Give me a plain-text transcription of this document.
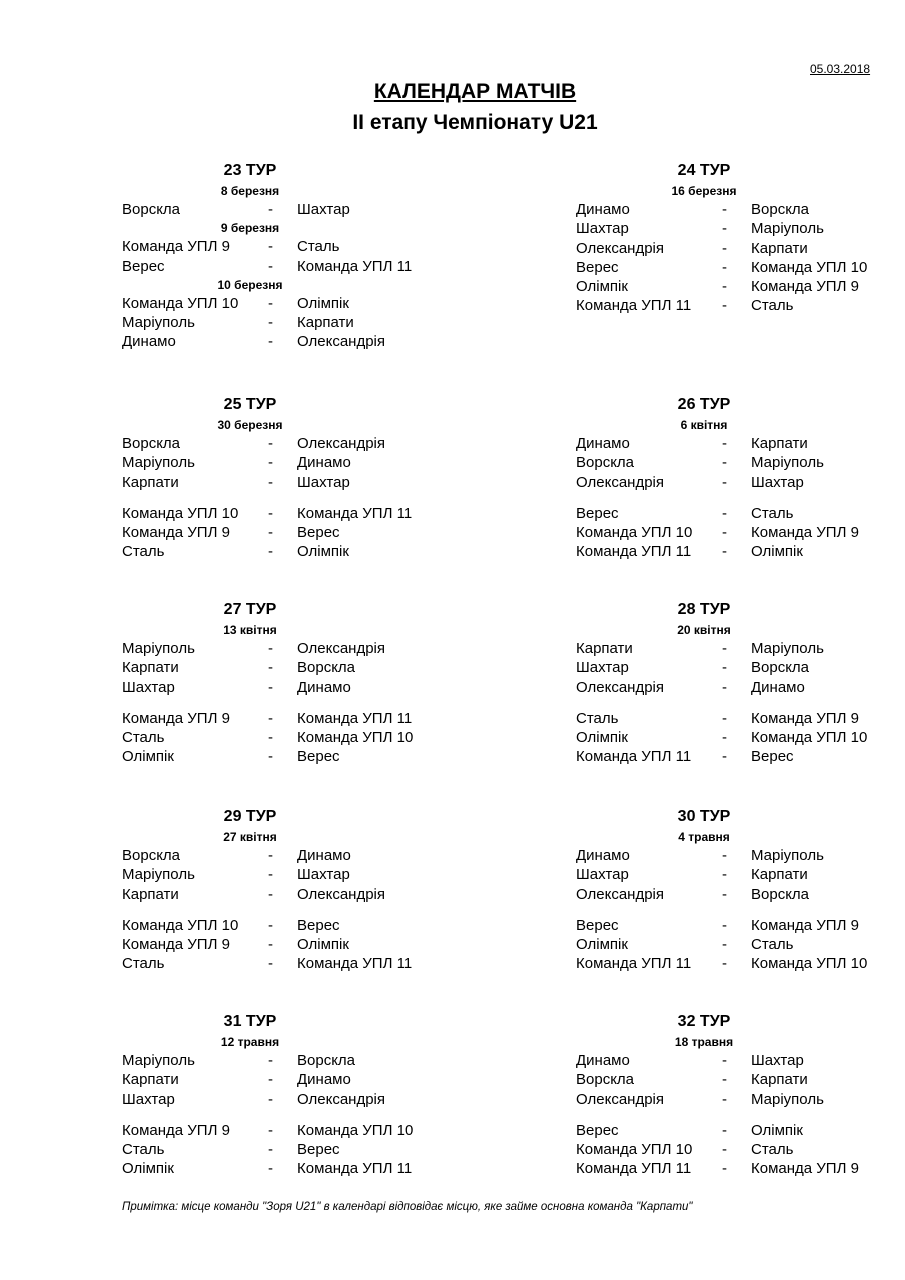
05.03.2018
КАЛЕНДАР МАТЧІВ
ІІ етапу Чемпіонату U21
23 ТУР
8 березня
Ворскла	- Шахтар
9 березня
Команда УПЛ 9	- Сталь
Верес	- Команда УПЛ 11
10 березня
Команда УПЛ 10 - Олімпік
Маріуполь	- Карпати
Динамо	- Олександрія
24 ТУР
16 березня
Динамо	- Ворскла
Шахтар	- Маріуполь
Олександрія	- Карпати
Верес	- Команда УПЛ 10
Олімпік	- Команда УПЛ 9
Команда УПЛ 11 - Сталь
25 ТУР
30 березня
Ворскла	- Олександрія
Маріуполь	- Динамо
Карпати	- Шахтар
Команда УПЛ 10 - Команда УПЛ 11
Команда УПЛ 9	- Верес
Сталь	- Олімпік
26 ТУР
6 квітня
Динамо	- Карпати
Ворскла	- Маріуполь
Олександрія	- Шахтар
Верес	- Сталь
Команда УПЛ 10 - Команда УПЛ 9
Команда УПЛ 11 - Олімпік
27 ТУР
13 квітня
Маріуполь	- Олександрія
Карпати	- Ворскла
Шахтар	- Динамо
Команда УПЛ 9	- Команда УПЛ 11
Сталь	- Команда УПЛ 10
Олімпік	- Верес
28 ТУР
20 квітня
Карпати	- Маріуполь
Шахтар	- Ворскла
Олександрія	- Динамо
Сталь	- Команда УПЛ 9
Олімпік	- Команда УПЛ 10
Команда УПЛ 11 - Верес
29 ТУР
27 квітня
Ворскла	- Динамо
Маріуполь	- Шахтар
Карпати	- Олександрія
Команда УПЛ 10 - Верес
Команда УПЛ 9	- Олімпік
Сталь	- Команда УПЛ 11
30 ТУР
4 травня
Динамо	- Маріуполь
Шахтар	- Карпати
Олександрія	- Ворскла
Верес	- Команда УПЛ 9
Олімпік	- Сталь
Команда УПЛ 11 - Команда УПЛ 10
31 ТУР
12 травня
Маріуполь	- Ворскла
Карпати	- Динамо
Шахтар	- Олександрія
Команда УПЛ 9	- Команда УПЛ 10
Сталь	- Верес
Олімпік	- Команда УПЛ 11
32 ТУР
18 травня
Динамо	- Шахтар
Ворскла	- Карпати
Олександрія	- Маріуполь
Верес	- Олімпік
Команда УПЛ 10 - Сталь
Команда УПЛ 11 - Команда УПЛ 9
Примітка: місце команди "Зоря U21" в календарі відповідає місцю, яке займе основна команда "Карпати"
